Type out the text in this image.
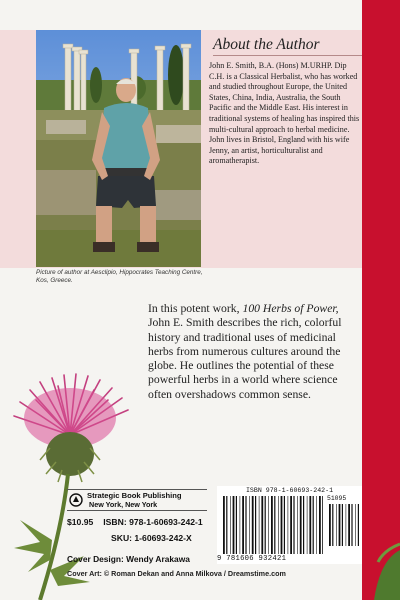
Picture of author at Aesclipio, Hippocrates Teaching Centre, Kos, Greece.
About the Author
John E. Smith, B.A. (Hons) M.URHP. Dip C.H. is a Classical Herbalist, who has worked and studied throughout Europe, the United States, China, India, Australia, the South Pacific and the Middle East. His interest in traditional systems of healing has inspired this multi-cultural approach to herbal medicine. John lives in Bristol, England with his wife Jenny, an artist, horticulturalist and aromatherapist.
In this potent work, 100 Herbs of Power, John E. Smith describes the rich, colorful history and traditional uses of medicinal herbs from numerous cultures around the globe. He outlines the potential of these powerful herbs in a world where science often overshadows common sense.
Strategic Book Publishing
New York, New York
$10.95 ISBN: 978-1-60693-242-1
SKU: 1-60693-242-X
Cover Design: Wendy Arakawa
Cover Art: © Roman Dekan and Anna Milkova / Dreamstime.com
ISBN 978-1-60693-242-1
51095
9 781606 932421
